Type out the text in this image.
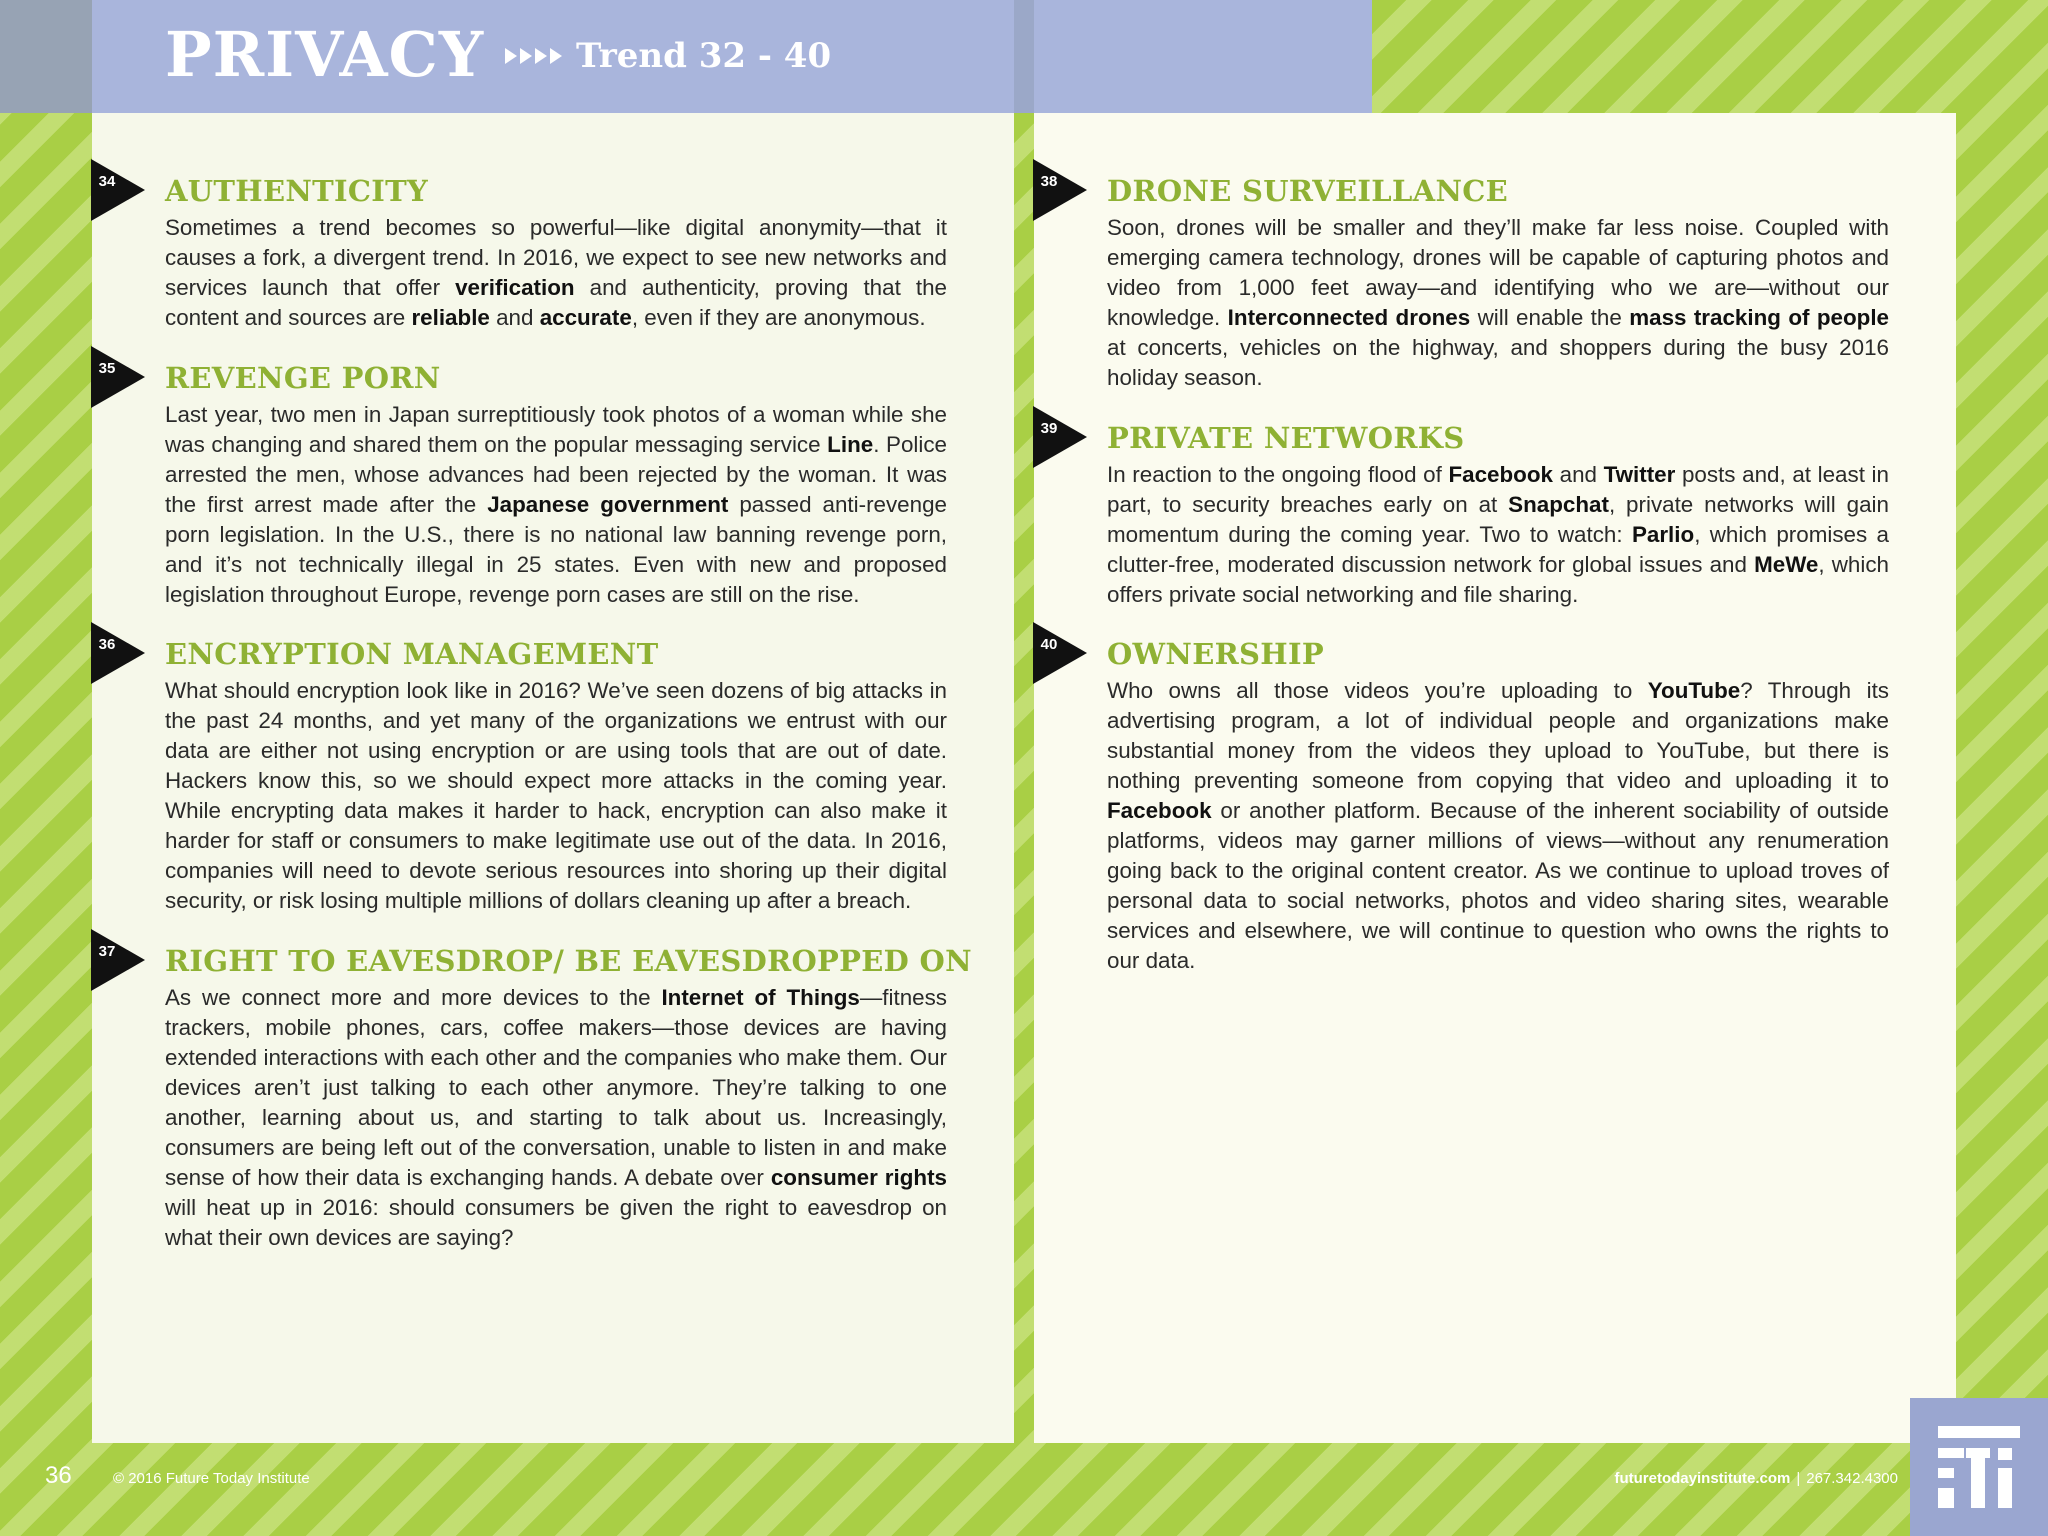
PRIVACY	Trend 32 - 40
34 AUTHENTICITY

Sometimes a trend becomes so powerful—like digital anonymity—that it causes a fork, a divergent trend. In 2016, we expect to see new networks and services launch that offer verification and authenticity, proving that the content and sources are reliable and accurate, even if they are anonymous.

35 REVENGE PORN

Last year, two men in Japan surreptitiously took photos of a woman while she was changing and shared them on the popular messaging service Line. Police arrested the men, whose advances had been rejected by the woman. It was the first arrest made after the Japanese government passed anti-revenge porn legislation. In the U.S., there is no national law banning revenge porn, and it’s not technically illegal in 25 states. Even with new and proposed legislation throughout Europe, revenge porn cases are still on the rise.

36 ENCRYPTION MANAGEMENT

What should encryption look like in 2016? We’ve seen dozens of big attacks in the past 24 months, and yet many of the organizations we entrust with our data are either not using encryption or are using tools that are out of date. Hackers know this, so we should expect more attacks in the coming year. While encrypting data makes it harder to hack, encryption can also make it harder for staff or consumers to make legitimate use out of the data. In 2016, companies will need to devote serious resources into shoring up their digital security, or risk losing multiple millions of dollars cleaning up after a breach.

37 RIGHT TO EAVESDROP/ BE EAVESDROPPED ON

As we connect more and more devices to the Internet of Things—fitness trackers, mobile phones, cars, coffee makers—those devices are having extended interactions with each other and the companies who make them. Our devices aren’t just talking to each other anymore. They’re talking to one another, learning about us, and starting to talk about us. Increasingly, consumers are being left out of the conversation, unable to listen in and make sense of how their data is exchanging hands. A debate over consumer rights will heat up in 2016: should consumers be given the right to eavesdrop on what their own devices are saying?

38 DRONE SURVEILLANCE

Soon, drones will be smaller and they’ll make far less noise. Coupled with emerging camera technology, drones will be capable of capturing photos and video from 1,000 feet away—and identifying who we are—without our knowledge. Interconnected drones will enable the mass tracking of people at concerts, vehicles on the highway, and shoppers during the busy 2016 holiday season.

39 PRIVATE NETWORKS

In reaction to the ongoing flood of Facebook and Twitter posts and, at least in part, to security breaches early on at Snapchat, private networks will gain momentum during the coming year. Two to watch: Parlio, which promises a clutter-free, moderated discussion network for global issues and MeWe, which offers private social networking and file sharing.

40 OWNERSHIP

Who owns all those videos you’re uploading to YouTube? Through its advertising program, a lot of individual people and organizations make substantial money from the videos they upload to YouTube, but there is nothing preventing someone from copying that video and uploading it to Facebook or another platform. Because of the inherent sociability of outside platforms, videos may garner millions of views—without any renumeration going back to the original content creator. As we continue to upload troves of personal data to social networks, photos and video sharing sites, wearable services and elsewhere, we will continue to question who owns the rights to our data.

36	© 2016 Future Today Institute	futuretodayinstitute.com | 267.342.4300
